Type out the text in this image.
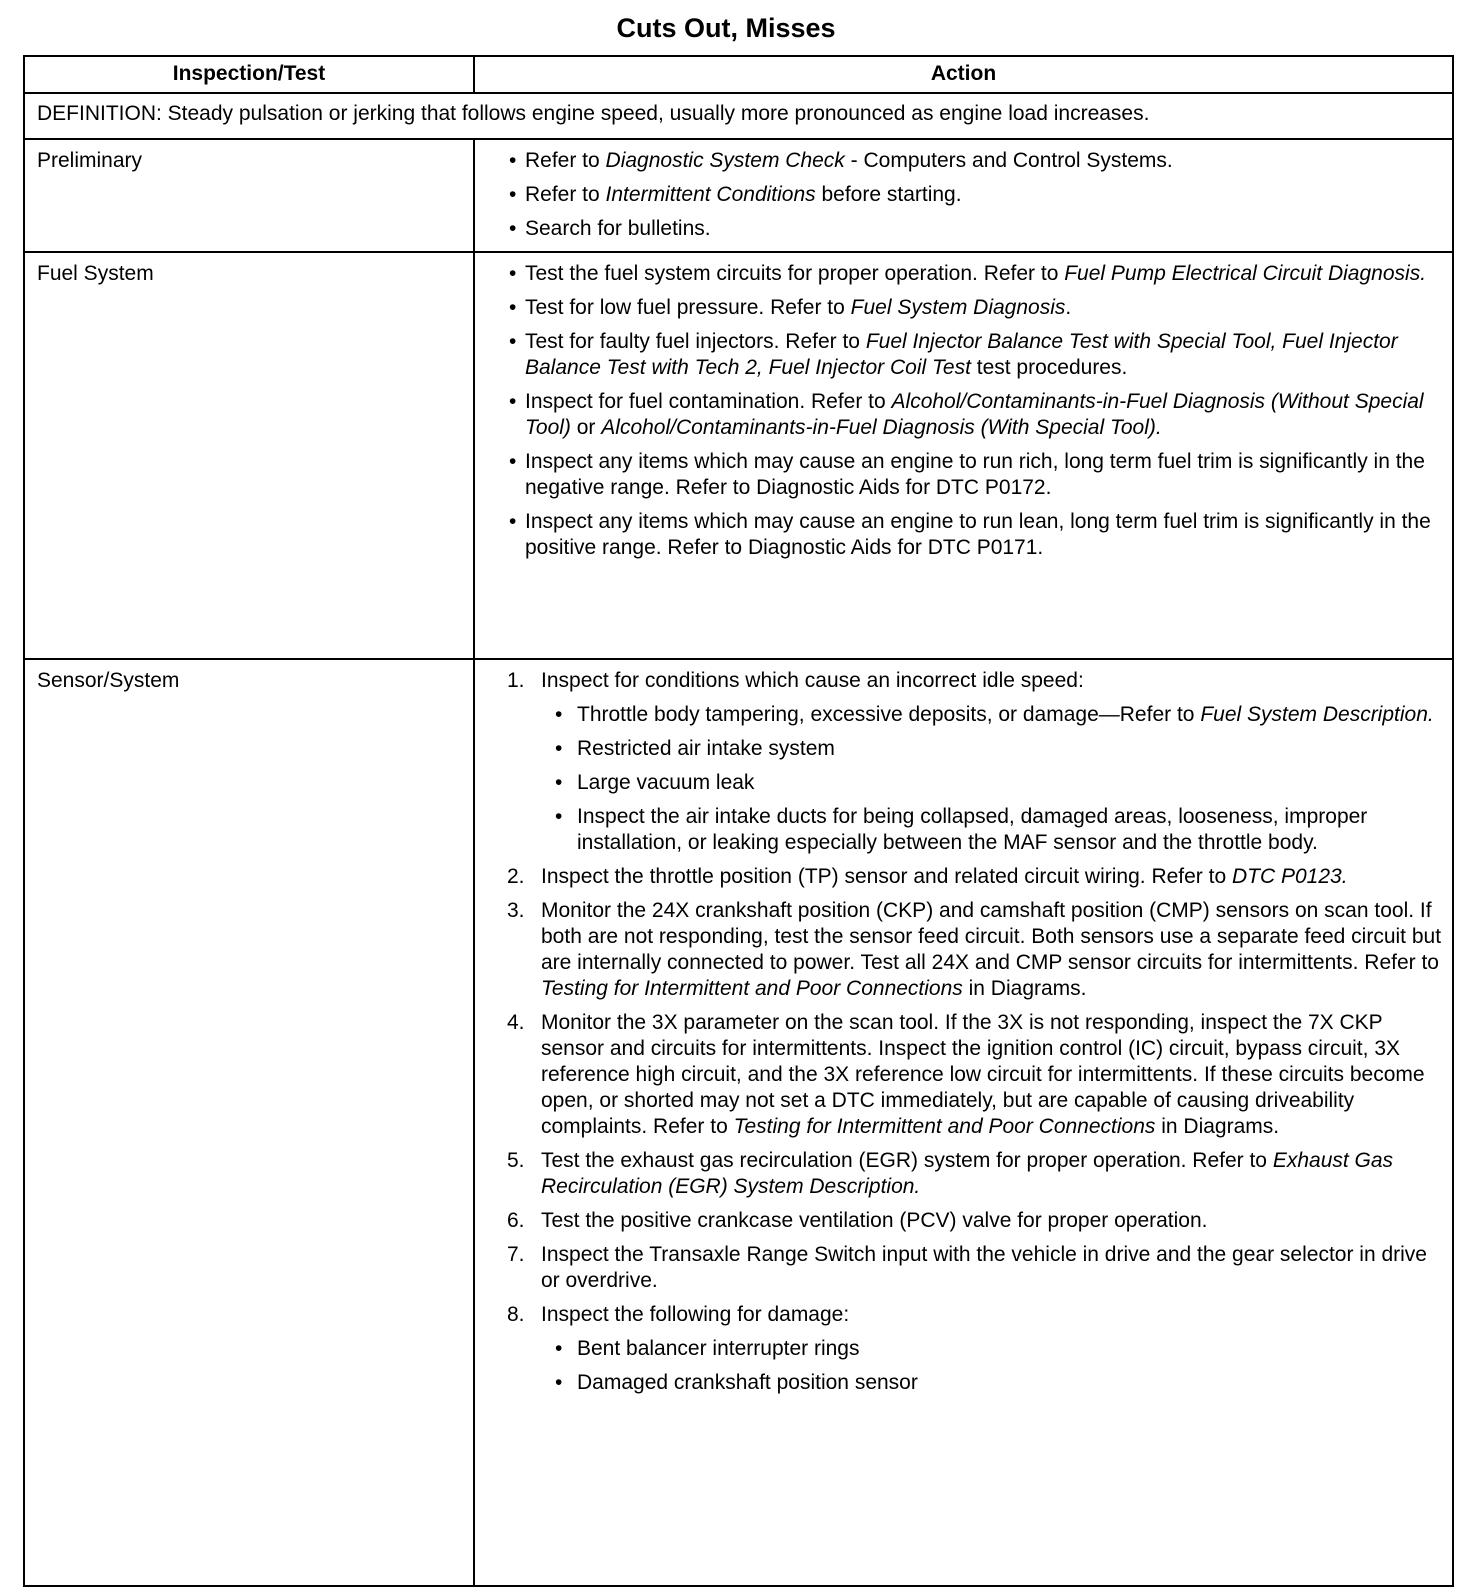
Cuts Out, Misses
Inspection/Test	Action
DEFINITION: Steady pulsation or jerking that follows engine speed, usually more pronounced as engine load increases.
Preliminary	• Refer to Diagnostic System Check - Computers and Control Systems.
• Refer to Intermittent Conditions before starting.
• Search for bulletins.
Fuel System	• Test the fuel system circuits for proper operation. Refer to Fuel Pump Electrical Circuit Diagnosis.
• Test for low fuel pressure. Refer to Fuel System Diagnosis.
• Test for faulty fuel injectors. Refer to Fuel Injector Balance Test with Special Tool, Fuel Injector Balance Test with Tech 2, Fuel Injector Coil Test test procedures.
• Inspect for fuel contamination. Refer to Alcohol/Contaminants-in-Fuel Diagnosis (Without Special Tool) or Alcohol/Contaminants-in-Fuel Diagnosis (With Special Tool).
• Inspect any items which may cause an engine to run rich, long term fuel trim is significantly in the negative range. Refer to Diagnostic Aids for DTC P0172.
• Inspect any items which may cause an engine to run lean, long term fuel trim is significantly in the positive range. Refer to Diagnostic Aids for DTC P0171.
Sensor/System	1. Inspect for conditions which cause an incorrect idle speed:
• Throttle body tampering, excessive deposits, or damage—Refer to Fuel System Description.
• Restricted air intake system
• Large vacuum leak
• Inspect the air intake ducts for being collapsed, damaged areas, looseness, improper installation, or leaking especially between the MAF sensor and the throttle body.
2. Inspect the throttle position (TP) sensor and related circuit wiring. Refer to DTC P0123.
3. Monitor the 24X crankshaft position (CKP) and camshaft position (CMP) sensors on scan tool. If both are not responding, test the sensor feed circuit. Both sensors use a separate feed circuit but are internally connected to power. Test all 24X and CMP sensor circuits for intermittents. Refer to Testing for Intermittent and Poor Connections in Diagrams.
4. Monitor the 3X parameter on the scan tool. If the 3X is not responding, inspect the 7X CKP sensor and circuits for intermittents. Inspect the ignition control (IC) circuit, bypass circuit, 3X reference high circuit, and the 3X reference low circuit for intermittents. If these circuits become open, or shorted may not set a DTC immediately, but are capable of causing driveability complaints. Refer to Testing for Intermittent and Poor Connections in Diagrams.
5. Test the exhaust gas recirculation (EGR) system for proper operation. Refer to Exhaust Gas Recirculation (EGR) System Description.
6. Test the positive crankcase ventilation (PCV) valve for proper operation.
7. Inspect the Transaxle Range Switch input with the vehicle in drive and the gear selector in drive or overdrive.
8. Inspect the following for damage:
• Bent balancer interrupter rings
• Damaged crankshaft position sensor
